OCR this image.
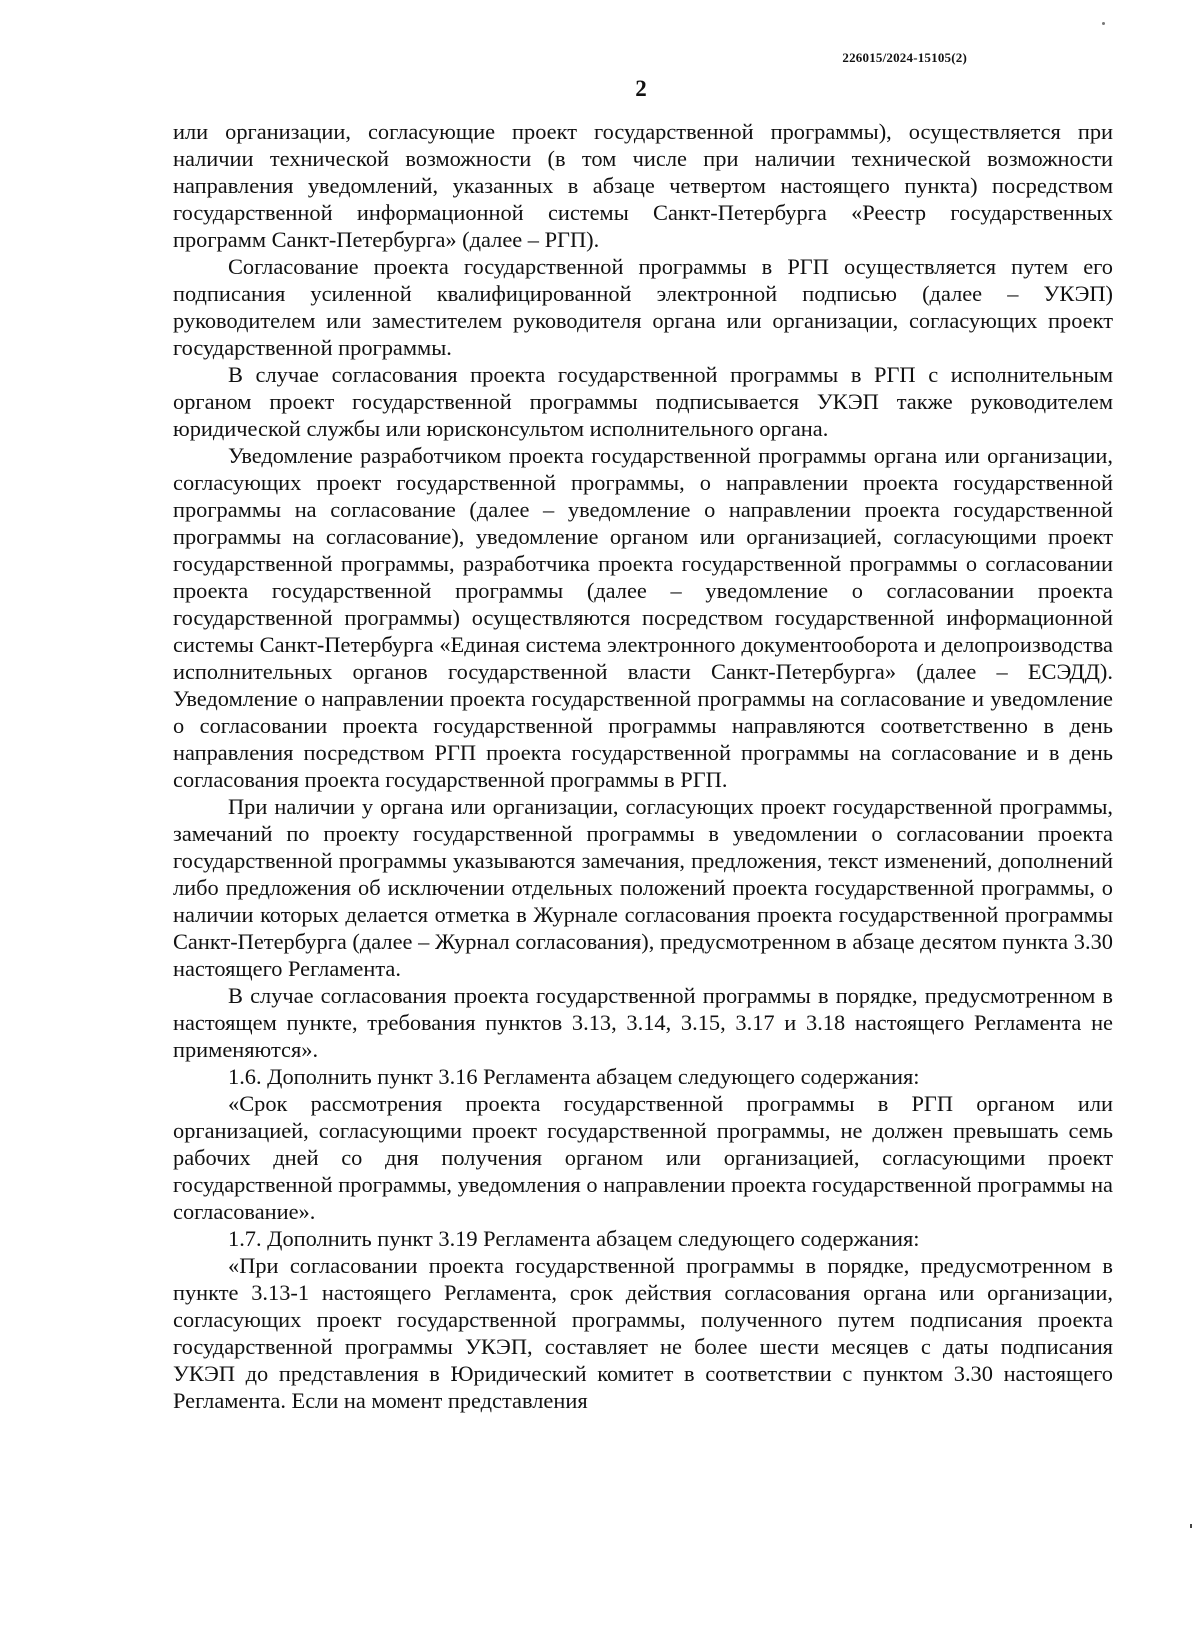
226015/2024-15105(2)
2

или организации, согласующие проект государственной программы), осуществляется при наличии технической возможности (в том числе при наличии технической возможности направления уведомлений, указанных в абзаце четвертом настоящего пункта) посредством государственной информационной системы Санкт-Петербурга «Реестр государственных программ Санкт-Петербурга» (далее – РГП).

Согласование проекта государственной программы в РГП осуществляется путем его подписания усиленной квалифицированной электронной подписью (далее – УКЭП) руководителем или заместителем руководителя органа или организации, согласующих проект государственной программы.

В случае согласования проекта государственной программы в РГП с исполнительным органом проект государственной программы подписывается УКЭП также руководителем юридической службы или юрисконсультом исполнительного органа.

Уведомление разработчиком проекта государственной программы органа или организации, согласующих проект государственной программы, о направлении проекта государственной программы на согласование (далее – уведомление о направлении проекта государственной программы на согласование), уведомление органом или организацией, согласующими проект государственной программы, разработчика проекта государственной программы о согласовании проекта государственной программы (далее – уведомление о согласовании проекта государственной программы) осуществляются посредством государственной информационной системы Санкт-Петербурга «Единая система электронного документооборота и делопроизводства исполнительных органов государственной власти Санкт-Петербурга» (далее – ЕСЭДД). Уведомление о направлении проекта государственной программы на согласование и уведомление о согласовании проекта государственной программы направляются соответственно в день направления посредством РГП проекта государственной программы на согласование и в день согласования проекта государственной программы в РГП.

При наличии у органа или организации, согласующих проект государственной программы, замечаний по проекту государственной программы в уведомлении о согласовании проекта государственной программы указываются замечания, предложения, текст изменений, дополнений либо предложения об исключении отдельных положений проекта государственной программы, о наличии которых делается отметка в Журнале согласования проекта государственной программы Санкт-Петербурга (далее – Журнал согласования), предусмотренном в абзаце десятом пункта 3.30 настоящего Регламента.

В случае согласования проекта государственной программы в порядке, предусмотренном в настоящем пункте, требования пунктов 3.13, 3.14, 3.15, 3.17 и 3.18 настоящего Регламента не применяются».

1.6. Дополнить пункт 3.16 Регламента абзацем следующего содержания:

«Срок рассмотрения проекта государственной программы в РГП органом или организацией, согласующими проект государственной программы, не должен превышать семь рабочих дней со дня получения органом или организацией, согласующими проект государственной программы, уведомления о направлении проекта государственной программы на согласование».

1.7. Дополнить пункт 3.19 Регламента абзацем следующего содержания:

«При согласовании проекта государственной программы в порядке, предусмотренном в пункте 3.13-1 настоящего Регламента, срок действия согласования органа или организации, согласующих проект государственной программы, полученного путем подписания проекта государственной программы УКЭП, составляет не более шести месяцев с даты подписания УКЭП до представления в Юридический комитет в соответствии с пунктом 3.30 настоящего Регламента. Если на момент представления
